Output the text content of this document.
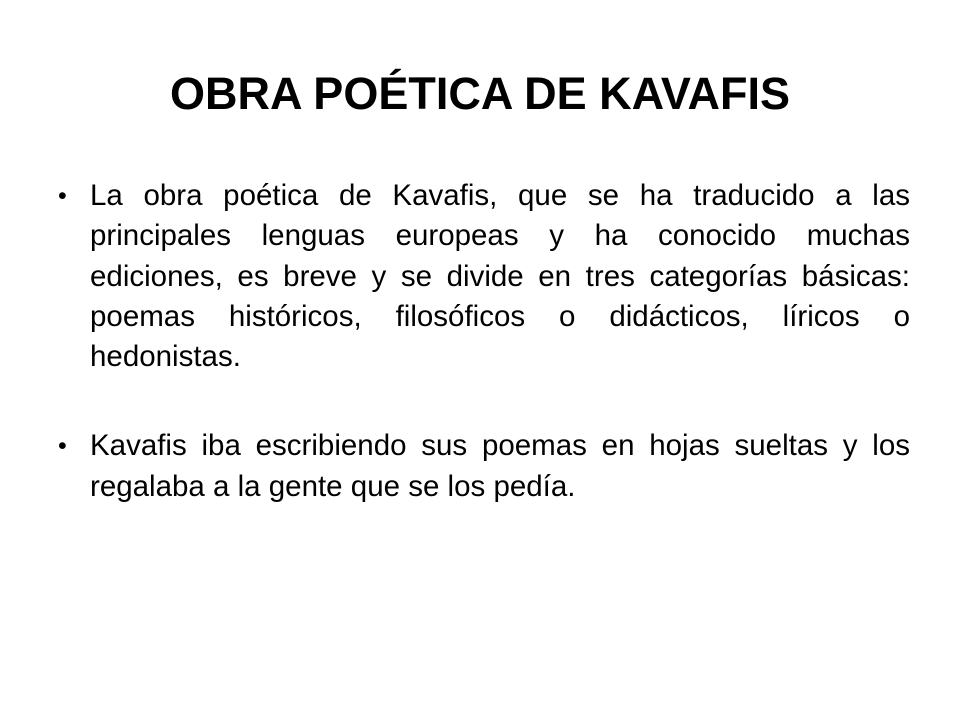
OBRA POÉTICA DE KAVAFIS
• La obra poética de Kavafis, que se ha traducido a las principales lenguas europeas y ha conocido muchas ediciones, es breve y se divide en tres categorías básicas: poemas históricos, filosóficos o didácticos, líricos o hedonistas.
• Kavafis iba escribiendo sus poemas en hojas sueltas y los regalaba a la gente que se los pedía.
